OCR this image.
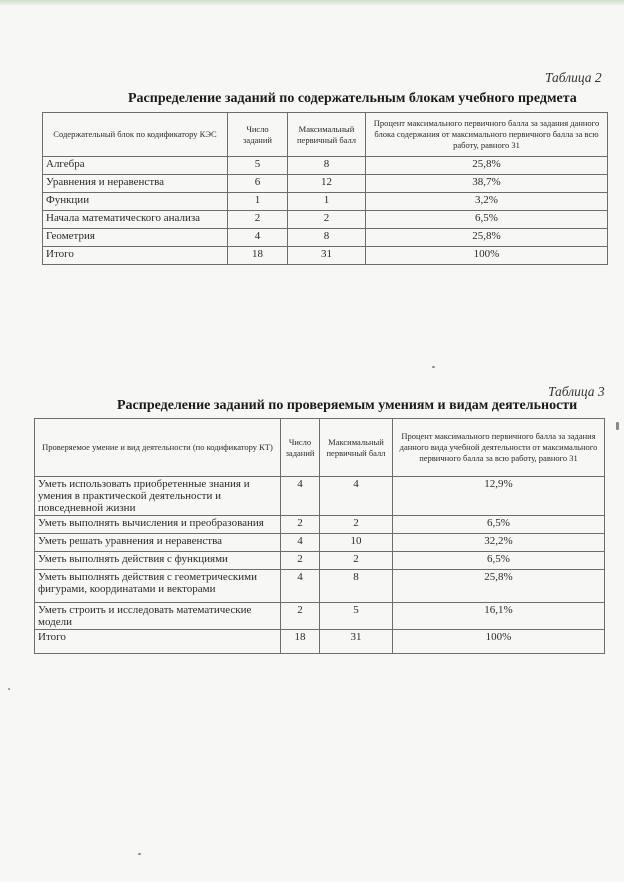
Таблица 2
Распределение заданий по содержательным блокам учебного предмета
Содержательный блок по кодификатору КЭС	Число заданий	Максимальный первичный балл	Процент максимального первичного балла за задания данного блока содержания от максимального первичного балла за всю работу, равного 31
Алгебра	5	8	25,8%
Уравнения и неравенства	6	12	38,7%
Функции	1	1	3,2%
Начала математического анализа	2	2	6,5%
Геометрия	4	8	25,8%
Итого	18	31	100%
Таблица 3
Распределение заданий по проверяемым умениям и видам деятельности
Проверяемое умение и вид деятельности (по кодификатору КТ)	Число заданий	Максимальный первичный балл	Процент максимального первичного балла за задания данного вида учебной деятельности от максимального первичного балла за всю работу, равного 31
Уметь использовать приобретенные знания и умения в практической деятельности и повседневной жизни	4	4	12,9%
Уметь выполнять вычисления и преобразования	2	2	6,5%
Уметь решать уравнения и неравенства	4	10	32,2%
Уметь выполнять действия с функциями	2	2	6,5%
Уметь выполнять действия с геометрическими фигурами, координатами и векторами	4	8	25,8%
Уметь строить и исследовать математические модели	2	5	16,1%
Итого	18	31	100%
